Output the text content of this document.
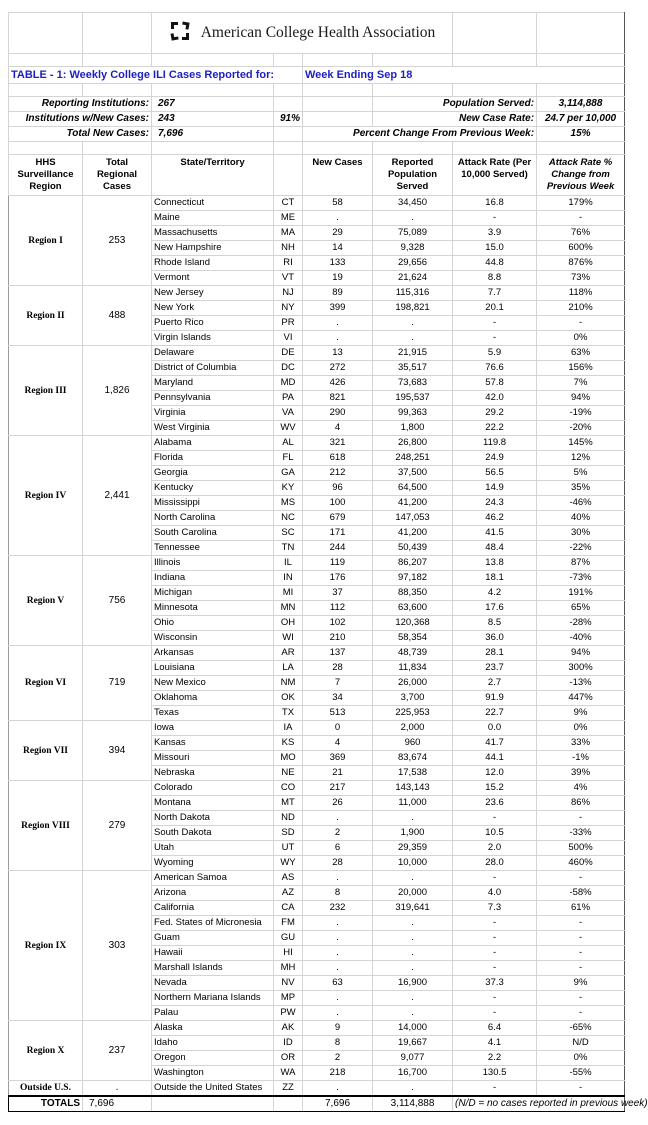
		American College Health Association					

TABLE - 1: Weekly College ILI Cases Reported for:				Week Ending Sep 18			

Reporting Institutions:		267			Population Served:		3,114,888
Institutions w/New Cases:		243	91%		New Case Rate:		24.7 per 10,000
Total New Cases:		7,696		Percent Change From Previous Week:			15%

HHS Surveillance Region	Total Regional Cases	State/Territory		New Cases	Reported Population Served	Attack Rate (Per 10,000 Served)	Attack Rate % Change from Previous Week
Region I	253	Connecticut	CT	58	34,450	16.8	179%
		Maine	ME	.	.	-	-
		Massachusetts	MA	29	75,089	3.9	76%
		New Hampshire	NH	14	9,328	15.0	600%
		Rhode Island	RI	133	29,656	44.8	876%
		Vermont	VT	19	21,624	8.8	73%
Region II	488	New Jersey	NJ	89	115,316	7.7	118%
		New York	NY	399	198,821	20.1	210%
		Puerto Rico	PR	.	.	-	-
		Virgin Islands	VI	.	.	-	0%
Region III	1,826	Delaware	DE	13	21,915	5.9	63%
		District of Columbia	DC	272	35,517	76.6	156%
		Maryland	MD	426	73,683	57.8	7%
		Pennsylvania	PA	821	195,537	42.0	94%
		Virginia	VA	290	99,363	29.2	-19%
		West Virginia	WV	4	1,800	22.2	-20%
Region IV	2,441	Alabama	AL	321	26,800	119.8	145%
		Florida	FL	618	248,251	24.9	12%
		Georgia	GA	212	37,500	56.5	5%
		Kentucky	KY	96	64,500	14.9	35%
		Mississippi	MS	100	41,200	24.3	-46%
		North Carolina	NC	679	147,053	46.2	40%
		South Carolina	SC	171	41,200	41.5	30%
		Tennessee	TN	244	50,439	48.4	-22%
Region V	756	Illinois	IL	119	86,207	13.8	87%
		Indiana	IN	176	97,182	18.1	-73%
		Michigan	MI	37	88,350	4.2	191%
		Minnesota	MN	112	63,600	17.6	65%
		Ohio	OH	102	120,368	8.5	-28%
		Wisconsin	WI	210	58,354	36.0	-40%
Region VI	719	Arkansas	AR	137	48,739	28.1	94%
		Louisiana	LA	28	11,834	23.7	300%
		New Mexico	NM	7	26,000	2.7	-13%
		Oklahoma	OK	34	3,700	91.9	447%
		Texas	TX	513	225,953	22.7	9%
Region VII	394	Iowa	IA	0	2,000	0.0	0%
		Kansas	KS	4	960	41.7	33%
		Missouri	MO	369	83,674	44.1	-1%
		Nebraska	NE	21	17,538	12.0	39%
Region VIII	279	Colorado	CO	217	143,143	15.2	4%
		Montana	MT	26	11,000	23.6	86%
		North Dakota	ND	.	.	-	-
		South Dakota	SD	2	1,900	10.5	-33%
		Utah	UT	6	29,359	2.0	500%
		Wyoming	WY	28	10,000	28.0	460%
Region IX	303	American Samoa	AS	.	.	-	-
		Arizona	AZ	8	20,000	4.0	-58%
		California	CA	232	319,641	7.3	61%
		Fed. States of Micronesia	FM	.	.	-	-
		Guam	GU	.	.	-	-
		Hawaii	HI	.	.	-	-
		Marshall Islands	MH	.	.	-	-
		Nevada	NV	63	16,900	37.3	9%
		Northern Mariana Islands	MP	.	.	-	-
		Palau	PW	.	.	-	-
Region X	237	Alaska	AK	9	14,000	6.4	-65%
		Idaho	ID	8	19,667	4.1	N/D
		Oregon	OR	2	9,077	2.2	0%
		Washington	WA	218	16,700	130.5	-55%
Outside U.S.	.	Outside the United States	ZZ	.	.	-	-
TOTALS	7,696			7,696	3,114,888	(N/D = no cases reported in previous week)	
